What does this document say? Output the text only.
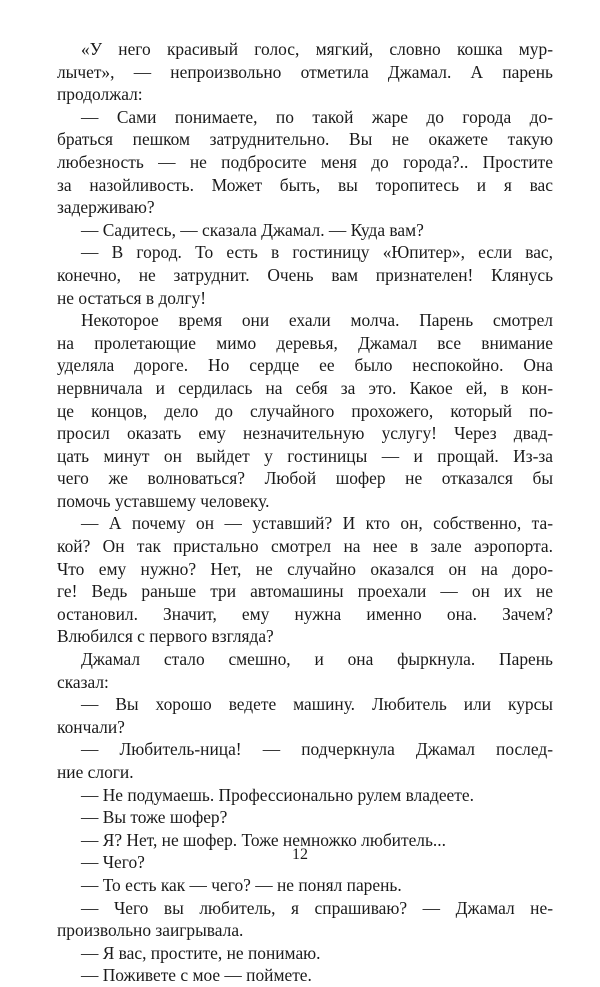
«У него красивый голос, мягкий, словно кошка мур-
лычет», — непроизвольно отметила Джамал. А парень
продолжал:
— Сами понимаете, по такой жаре до города до-
браться пешком затруднительно. Вы не окажете такую
любезность — не подбросите меня до города?.. Простите
за назойливость. Может быть, вы торопитесь и я вас
задерживаю?
— Садитесь, — сказала Джамал. — Куда вам?
— В город. То есть в гостиницу «Юпитер», если вас,
конечно, не затруднит. Очень вам признателен! Клянусь
не остаться в долгу!
Некоторое время они ехали молча. Парень смотрел
на пролетающие мимо деревья, Джамал все внимание
уделяла дороге. Но сердце ее было неспокойно. Она
нервничала и сердилась на себя за это. Какое ей, в кон-
це концов, дело до случайного прохожего, который по-
просил оказать ему незначительную услугу! Через двад-
цать минут он выйдет у гостиницы — и прощай. Из-за
чего же волноваться? Любой шофер не отказался бы
помочь уставшему человеку.
— А почему он — уставший? И кто он, собственно, та-
кой? Он так пристально смотрел на нее в зале аэропорта.
Что ему нужно? Нет, не случайно оказался он на доро-
ге! Ведь раньше три автомашины проехали — он их не
остановил. Значит, ему нужна именно она. Зачем?
Влюбился с первого взгляда?
Джамал стало смешно, и она фыркнула. Парень
сказал:
— Вы хорошо ведете машину. Любитель или курсы
кончали?
— Любитель-ница! — подчеркнула Джамал послед-
ние слоги.
— Не подумаешь. Профессионально рулем владеете.
— Вы тоже шофер?
— Я? Нет, не шофер. Тоже немножко любитель...
— Чего?
— То есть как — чего? — не понял парень.
— Чего вы любитель, я спрашиваю? — Джамал не-
произвольно заигрывала.
— Я вас, простите, не понимаю.
— Поживете с мое — поймете.
12
